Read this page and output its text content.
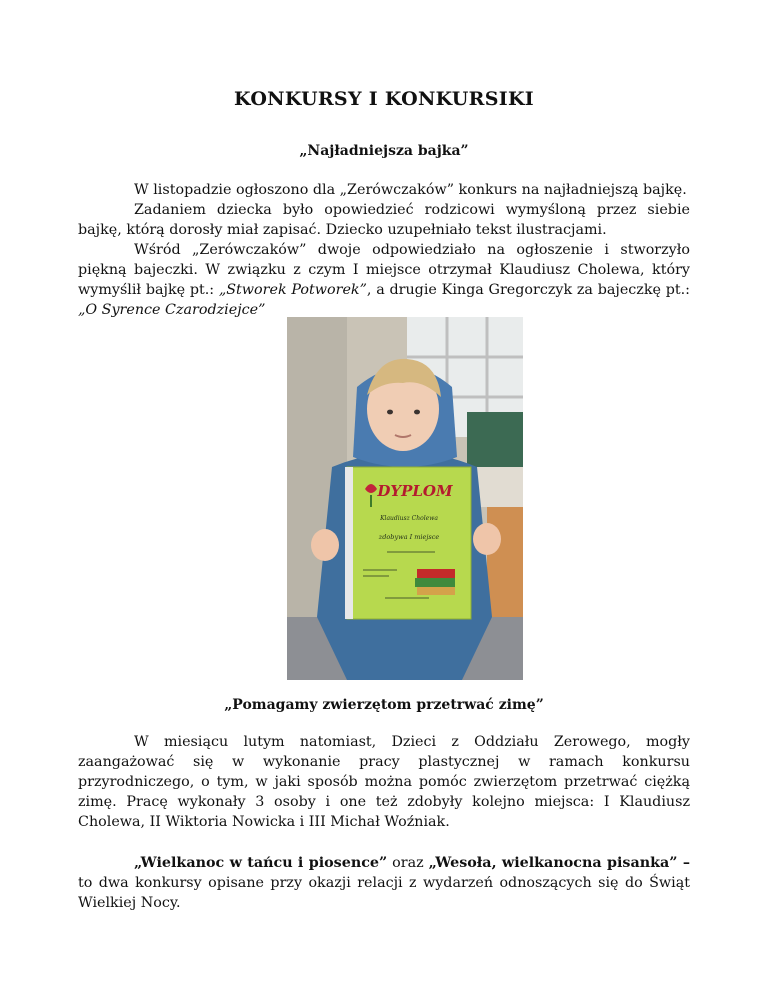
KONKURSY I KONKURSIKI
„Najładniejsza bajka”

W listopadzie ogłoszono dla „Zerówczaków” konkurs na najładniejszą bajkę.

Zadaniem dziecka było opowiedzieć rodzicowi wymyśloną przez siebie bajkę, którą dorosły miał zapisać. Dziecko uzupełniało tekst ilustracjami.

Wśród „Zerówczaków” dwoje odpowiedziało na ogłoszenie i stworzyło piękną bajeczki. W związku z czym I miejsce otrzymał Klaudiusz Cholewa, który wymyślił bajkę pt.: „Stworek Potworek”, a drugie Kinga Gregorczyk za bajeczkę pt.: „O Syrence Czarodziejce”

DYPLOM
Klaudiusz Cholewa
zdobywa I miejsce
„Pomagamy zwierzętom przetrwać zimę”

W miesiącu lutym natomiast, Dzieci z Oddziału Zerowego, mogły zaangażować się w wykonanie pracy plastycznej w ramach konkursu przyrodniczego, o tym, w jaki sposób można pomóc zwierzętom przetrwać ciężką zimę. Pracę wykonały 3 osoby i one też zdobyły kolejno miejsca: I Klaudiusz Cholewa, II Wiktoria Nowicka i III Michał Woźniak.

„Wielkanoc w tańcu i piosence” oraz „Wesoła, wielkanocna pisanka” – to dwa konkursy opisane przy okazji relacji z wydarzeń odnoszących się do Świąt Wielkiej Nocy.
